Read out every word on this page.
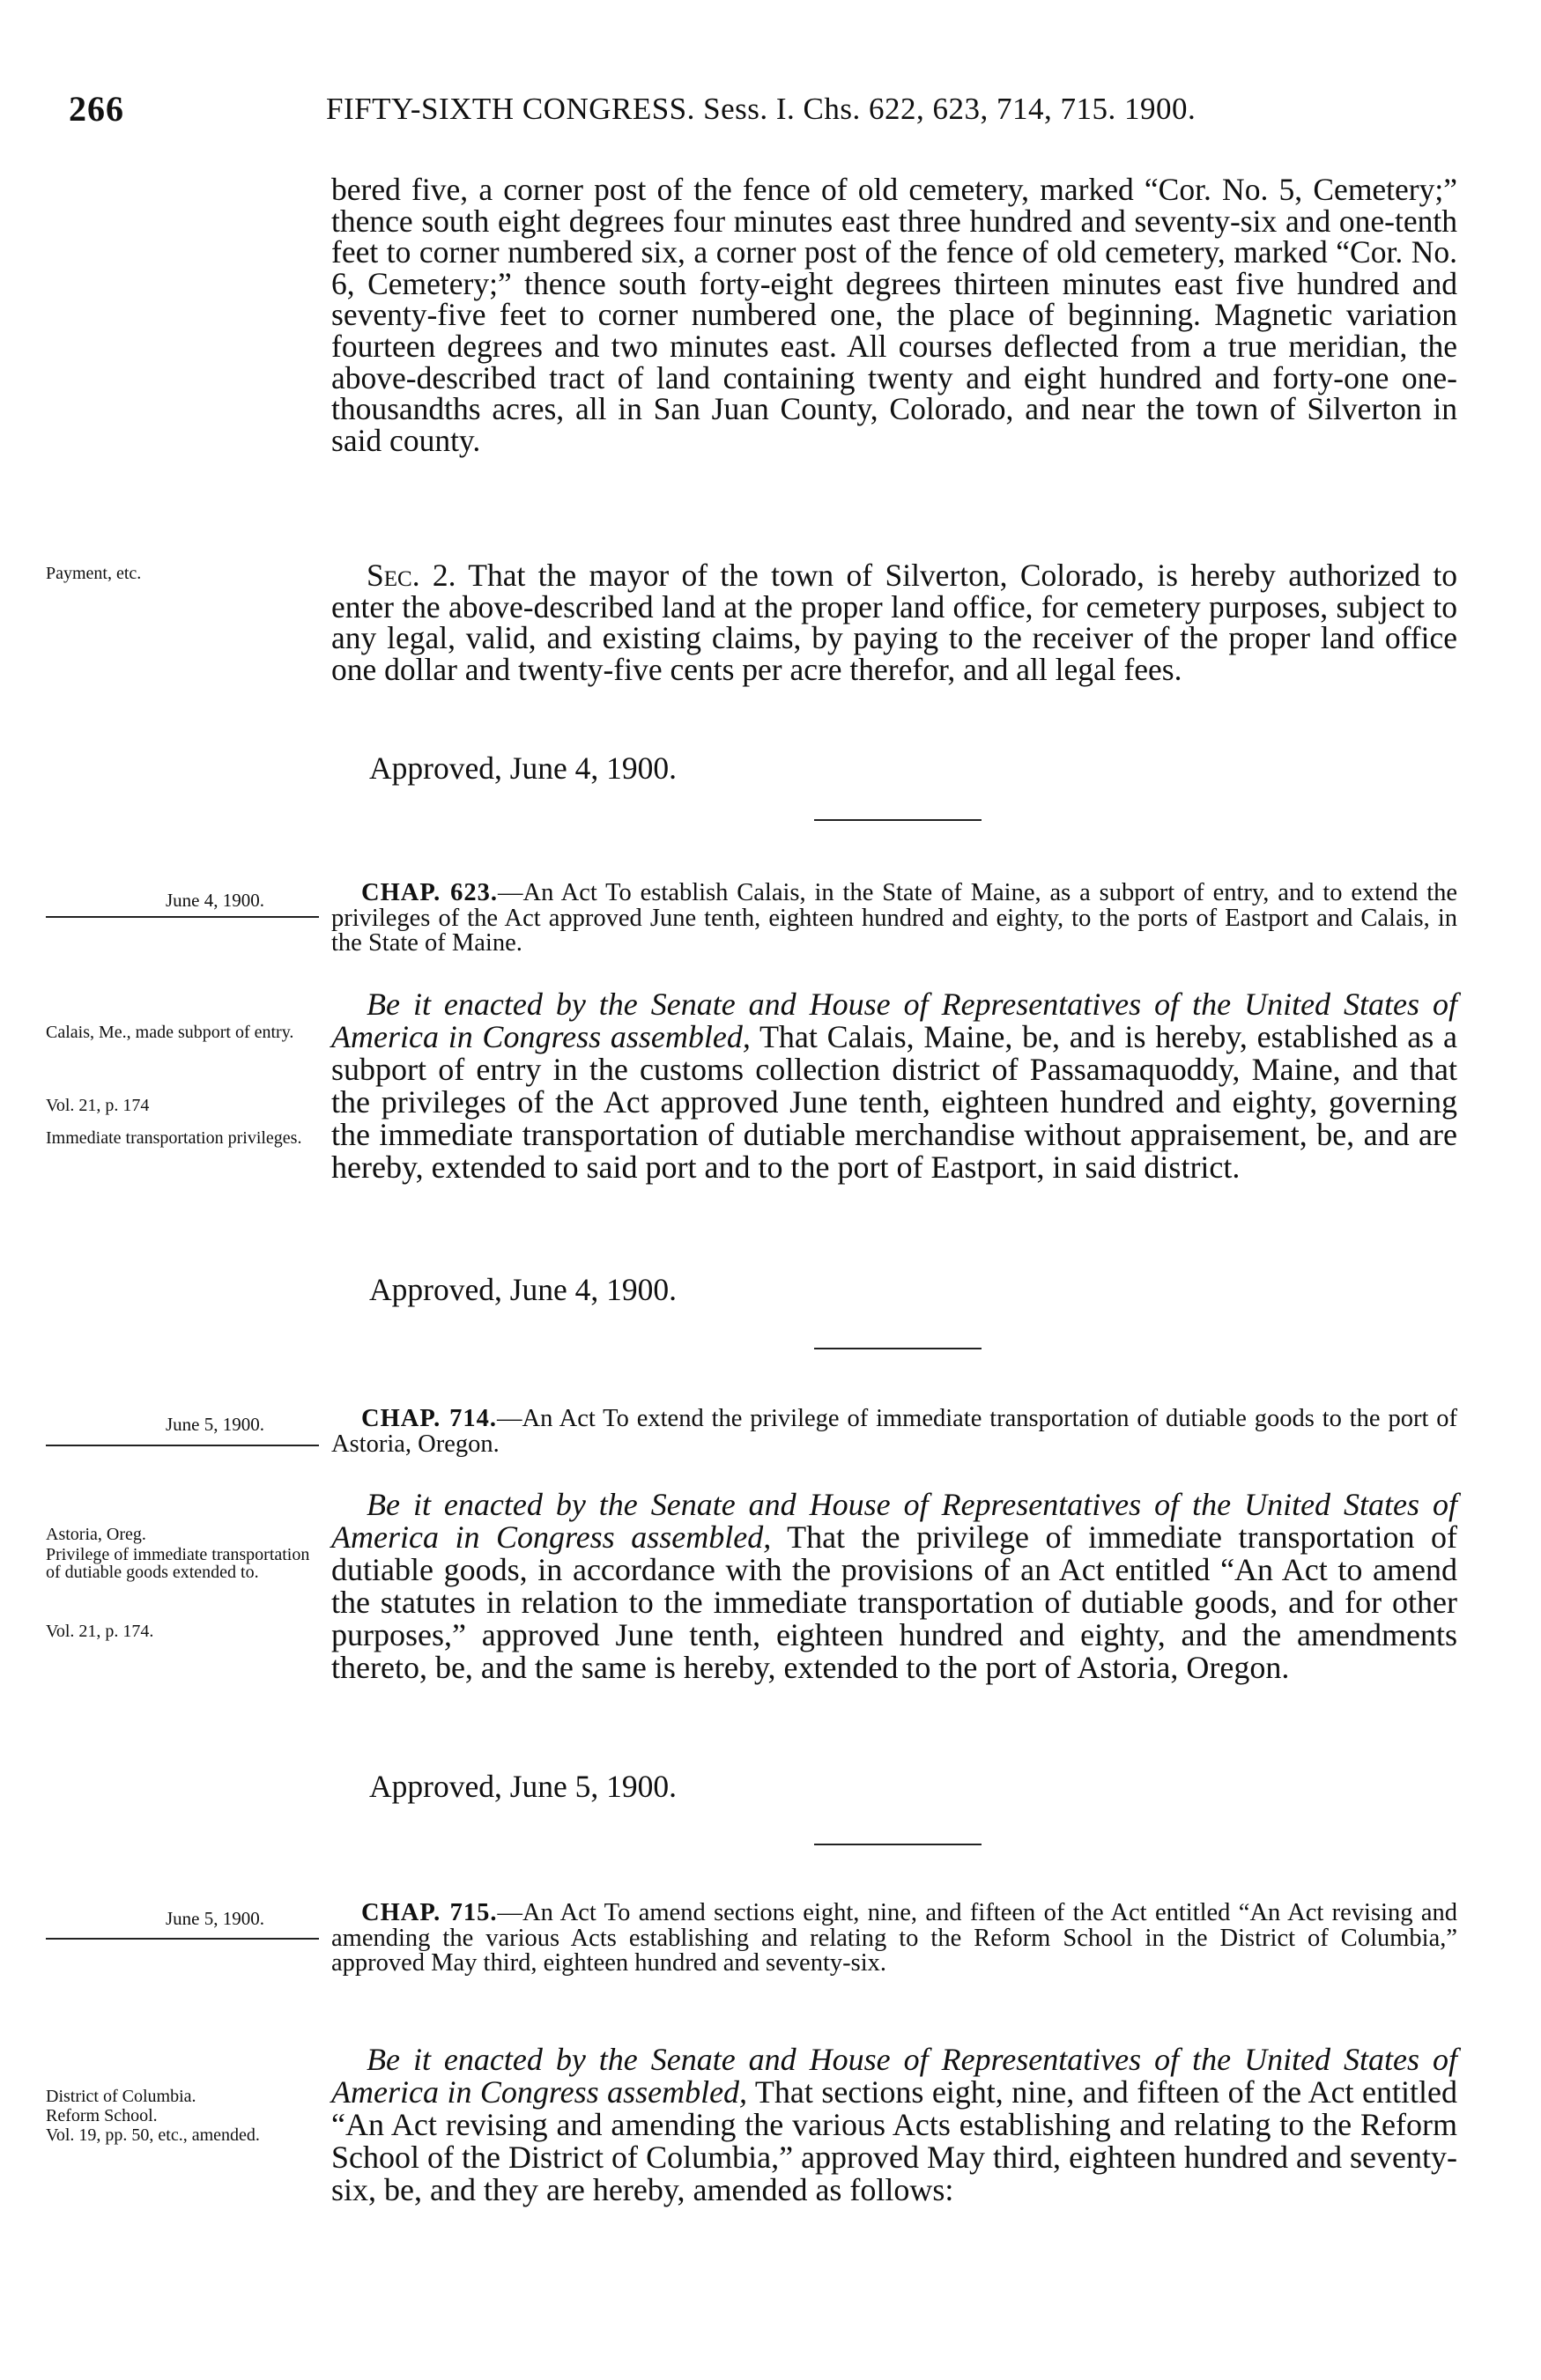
266	FIFTY-SIXTH CONGRESS. Sess. I. Chs. 622, 623, 714, 715. 1900.
bered five, a corner post of the fence of old cemetery, marked “Cor. No. 5, Cemetery;” thence south eight degrees four minutes east three hundred and seventy-six and one-tenth feet to corner numbered six, a corner post of the fence of old cemetery, marked “Cor. No. 6, Cemetery;” thence south forty-eight degrees thirteen minutes east five hundred and seventy-five feet to corner numbered one, the place of beginning. Magnetic variation fourteen degrees and two minutes east. All courses deflected from a true meridian, the above-described tract of land containing twenty and eight hundred and forty-one one-thousandths acres, all in San Juan County, Colorado, and near the town of Silverton in said county.
Payment, etc.	Sec. 2. That the mayor of the town of Silverton, Colorado, is hereby authorized to enter the above-described land at the proper land office, for cemetery purposes, subject to any legal, valid, and existing claims, by paying to the receiver of the proper land office one dollar and twenty-five cents per acre therefor, and all legal fees.
Approved, June 4, 1900.
June 4, 1900.	CHAP. 623.—An Act To establish Calais, in the State of Maine, as a subport of entry, and to extend the privileges of the Act approved June tenth, eighteen hundred and eighty, to the ports of Eastport and Calais, in the State of Maine.
Calais, Me., made subport of entry.
Vol. 21, p. 174
Immediate transportation privileges.
Be it enacted by the Senate and House of Representatives of the United States of America in Congress assembled, That Calais, Maine, be, and is hereby, established as a subport of entry in the customs collection district of Passamaquoddy, Maine, and that the privileges of the Act approved June tenth, eighteen hundred and eighty, governing the immediate transportation of dutiable merchandise without appraisement, be, and are hereby, extended to said port and to the port of Eastport, in said district.
Approved, June 4, 1900.
June 5, 1900.	CHAP. 714.—An Act To extend the privilege of immediate transportation of dutiable goods to the port of Astoria, Oregon.
Astoria, Oreg.
Privilege of immediate transportation of dutiable goods extended to.
Vol. 21, p. 174.
Be it enacted by the Senate and House of Representatives of the United States of America in Congress assembled, That the privilege of immediate transportation of dutiable goods, in accordance with the provisions of an Act entitled “An Act to amend the statutes in relation to the immediate transportation of dutiable goods, and for other purposes,” approved June tenth, eighteen hundred and eighty, and the amendments thereto, be, and the same is hereby, extended to the port of Astoria, Oregon.
Approved, June 5, 1900.
June 5, 1900.	CHAP. 715.—An Act To amend sections eight, nine, and fifteen of the Act entitled “An Act revising and amending the various Acts establishing and relating to the Reform School in the District of Columbia,” approved May third, eighteen hundred and seventy-six.
District of Columbia.
Reform School.
Vol. 19, pp. 50, etc., amended.
Be it enacted by the Senate and House of Representatives of the United States of America in Congress assembled, That sections eight, nine, and fifteen of the Act entitled “An Act revising and amending the various Acts establishing and relating to the Reform School of the District of Columbia,” approved May third, eighteen hundred and seventy-six, be, and they are hereby, amended as follows:
